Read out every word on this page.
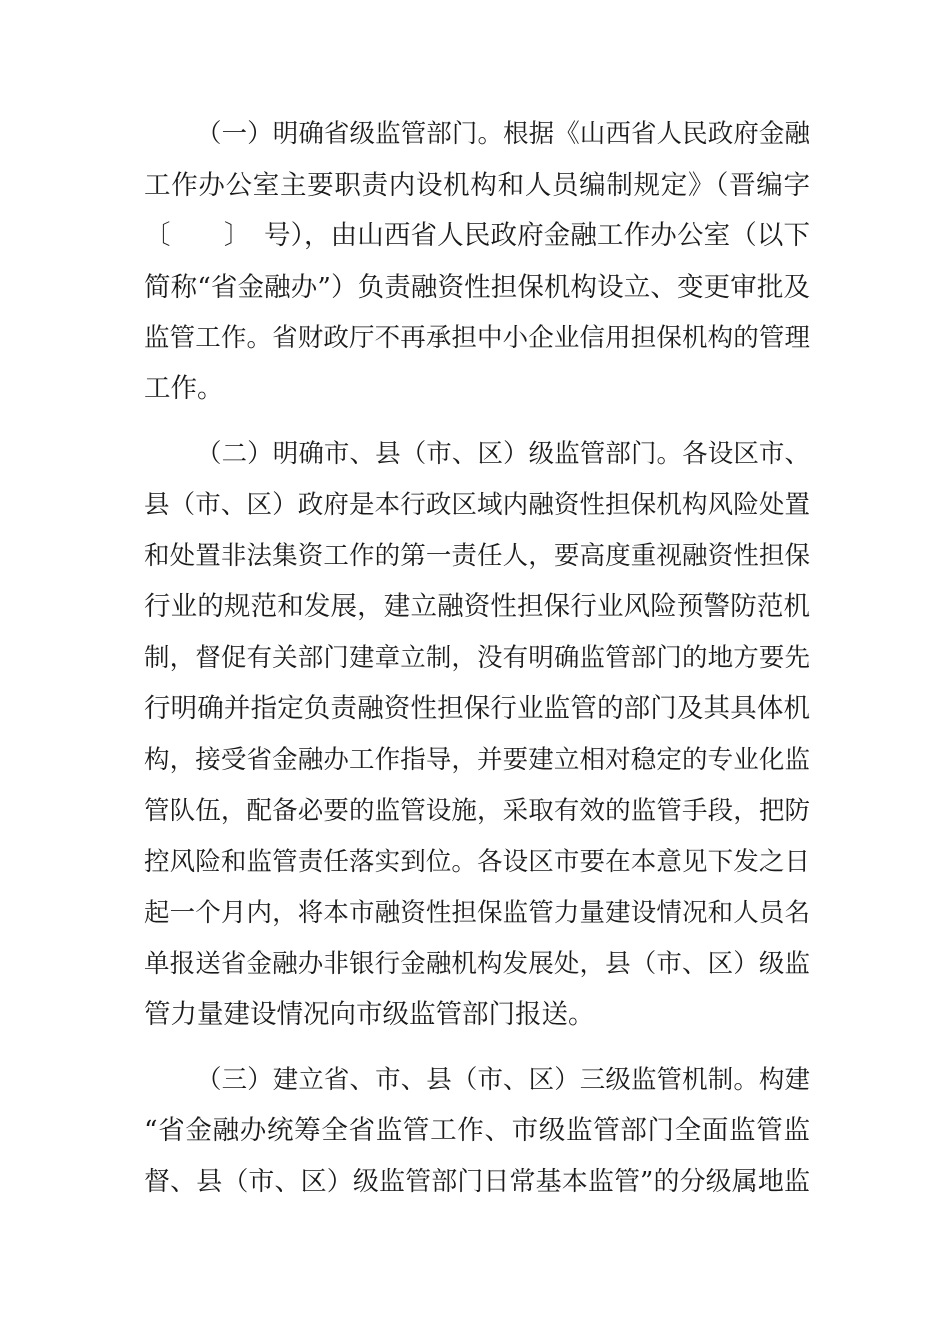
（一）明确省级监管部门。根据《山西省人民政府金融
工作办公室主要职责内设机构和人员编制规定》（晋编字
〔　　〕　号），由山西省人民政府金融工作办公室（以下
简称“省金融办”）负责融资性担保机构设立、变更审批及
监管工作。省财政厅不再承担中小企业信用担保机构的管理
工作。
（二）明确市、县（市、区）级监管部门。各设区市、
县（市、区）政府是本行政区域内融资性担保机构风险处置
和处置非法集资工作的第一责任人，要高度重视融资性担保
行业的规范和发展，建立融资性担保行业风险预警防范机
制，督促有关部门建章立制，没有明确监管部门的地方要先
行明确并指定负责融资性担保行业监管的部门及其具体机
构，接受省金融办工作指导，并要建立相对稳定的专业化监
管队伍，配备必要的监管设施，采取有效的监管手段，把防
控风险和监管责任落实到位。各设区市要在本意见下发之日
起一个月内，将本市融资性担保监管力量建设情况和人员名
单报送省金融办非银行金融机构发展处，县（市、区）级监
管力量建设情况向市级监管部门报送。
（三）建立省、市、县（市、区）三级监管机制。构建
“省金融办统筹全省监管工作、市级监管部门全面监管监
督、县（市、区）级监管部门日常基本监管”的分级属地监
